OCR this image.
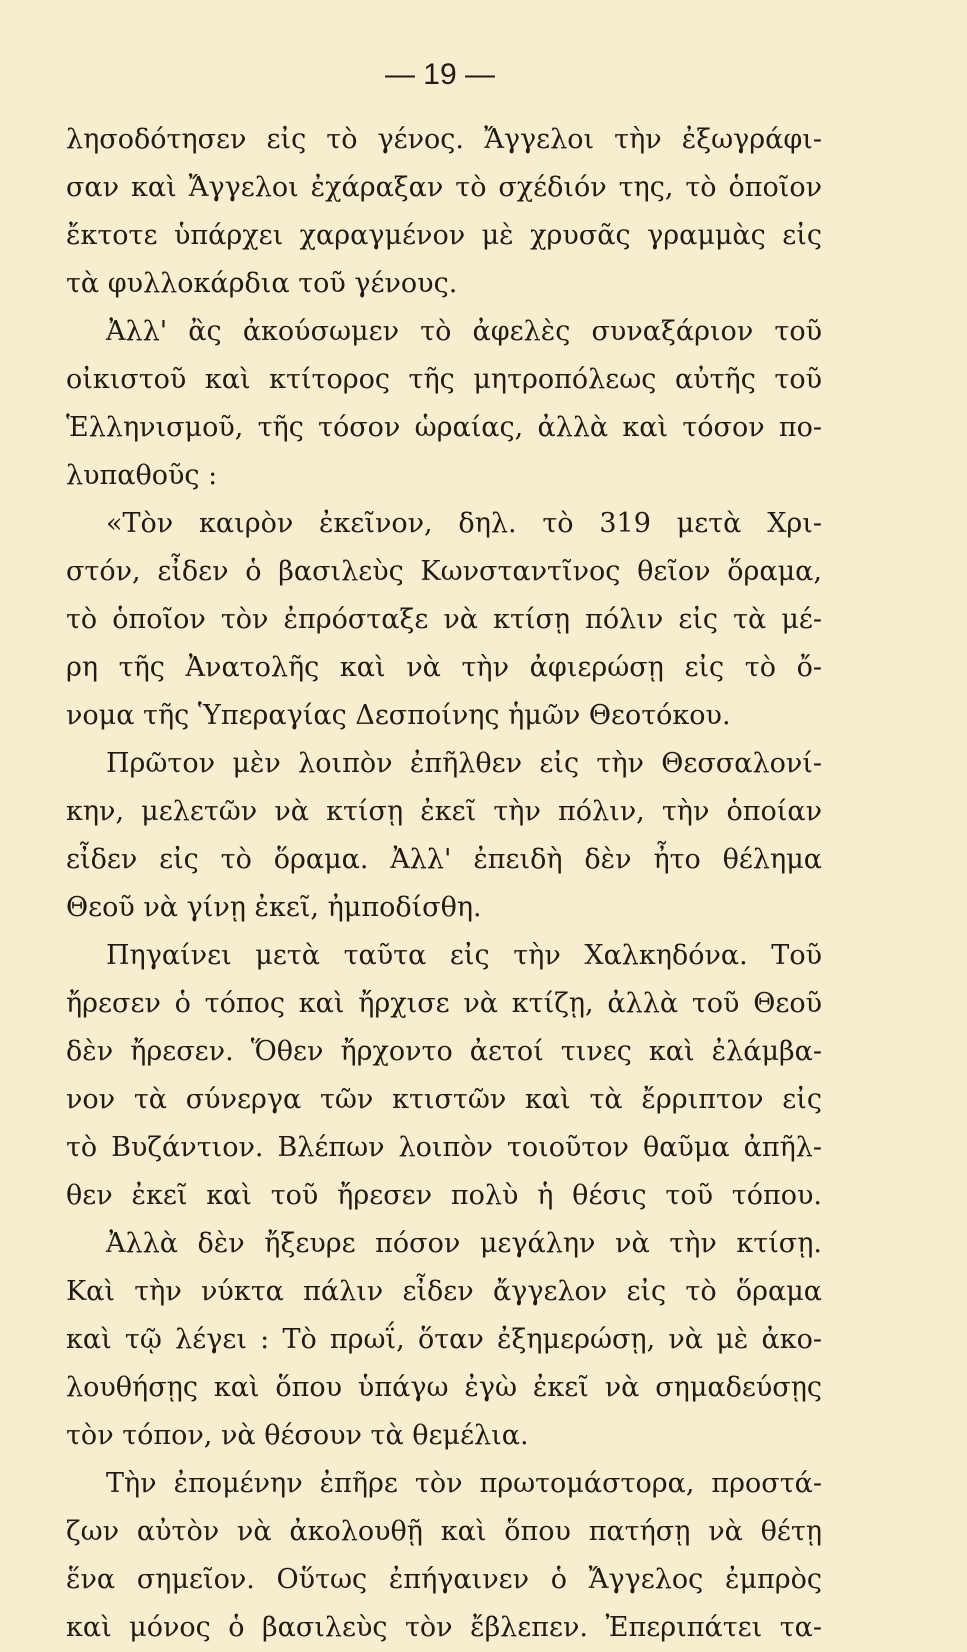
— 19 —
λησοδότησεν εἰς τὸ γένος. Ἄγγελοι τὴν ἐξωγράφι-
σαν καὶ Ἄγγελοι ἐχάραξαν τὸ σχέδιόν της, τὸ ὁποῖον
ἔκτοτε ὑπάρχει χαραγμένον μὲ χρυσᾶς γραμμὰς εἰς
τὰ φυλλοκάρδια τοῦ γένους.
Ἀλλ' ἂς ἀκούσωμεν τὸ ἀφελὲς συναξάριον τοῦ
οἰκιστοῦ καὶ κτίτορος τῆς μητροπόλεως αὐτῆς τοῦ
Ἑλληνισμοῦ, τῆς τόσον ὡραίας, ἀλλὰ καὶ τόσον πο-
λυπαθοῦς :
«Τὸν καιρὸν ἐκεῖνον, δηλ. τὸ 319 μετὰ Χρι-
στόν, εἶδεν ὁ βασιλεὺς Κωνσταντῖνος θεῖον ὅραμα,
τὸ ὁποῖον τὸν ἐπρόσταξε νὰ κτίσῃ πόλιν εἰς τὰ μέ-
ρη τῆς Ἀνατολῆς καὶ νὰ τὴν ἀφιερώσῃ εἰς τὸ ὄ-
νομα τῆς Ὑπεραγίας Δεσποίνης ἡμῶν Θεοτόκου.
Πρῶτον μὲν λοιπὸν ἐπῆλθεν εἰς τὴν Θεσσαλονί-
κην, μελετῶν νὰ κτίσῃ ἐκεῖ τὴν πόλιν, τὴν ὁποίαν
εἶδεν εἰς τὸ ὅραμα. Ἀλλ' ἐπειδὴ δὲν ἦτο θέλημα
Θεοῦ νὰ γίνῃ ἐκεῖ, ἠμποδίσθη.
Πηγαίνει μετὰ ταῦτα εἰς τὴν Χαλκηδόνα. Τοῦ
ἤρεσεν ὁ τόπος καὶ ἤρχισε νὰ κτίζῃ, ἀλλὰ τοῦ Θεοῦ
δὲν ἤρεσεν. Ὅθεν ἤρχοντο ἀετοί τινες καὶ ἐλάμβα-
νον τὰ σύνεργα τῶν κτιστῶν καὶ τὰ ἔρριπτον εἰς
τὸ Βυζάντιον. Βλέπων λοιπὸν τοιοῦτον θαῦμα ἀπῆλ-
θεν ἐκεῖ καὶ τοῦ ἤρεσεν πολὺ ἡ θέσις τοῦ τόπου.
Ἀλλὰ δὲν ἤξευρε πόσον μεγάλην νὰ τὴν κτίσῃ.
Καὶ τὴν νύκτα πάλιν εἶδεν ἄγγελον εἰς τὸ ὅραμα
καὶ τῷ λέγει : Τὸ πρωΐ, ὅταν ἐξημερώσῃ, νὰ μὲ ἀκο-
λουθήσῃς καὶ ὅπου ὑπάγω ἐγὼ ἐκεῖ νὰ σημαδεύσῃς
τὸν τόπον, νὰ θέσουν τὰ θεμέλια.
Τὴν ἐπομένην ἐπῆρε τὸν πρωτομάστορα, προστά-
ζων αὐτὸν νὰ ἀκολουθῇ καὶ ὅπου πατήσῃ νὰ θέτῃ
ἕνα σημεῖον. Οὕτως ἐπήγαινεν ὁ Ἄγγελος ἐμπρὸς
καὶ μόνος ὁ βασιλεὺς τὸν ἔβλεπεν. Ἐπεριπάτει τα-
